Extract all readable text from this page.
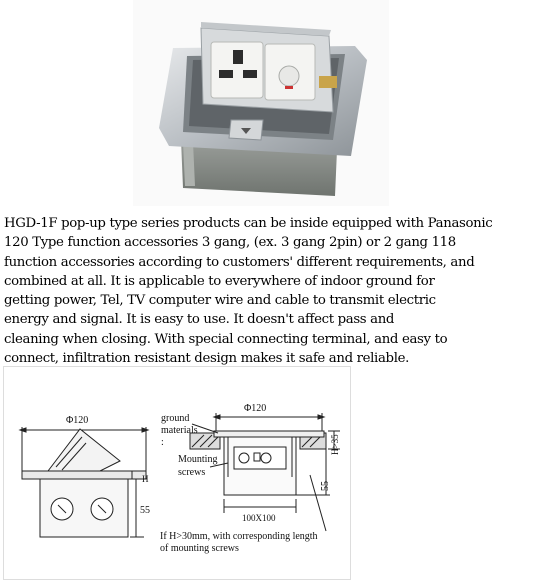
HGD-1F pop-up type series products can be inside equipped with Panasonic
120 Type function accessories 3 gang, (ex. 3 gang 2pin) or 2 gang 118
function accessories according to customers' different requirements, and
combined at all. It is applicable to everywhere of indoor ground for
getting power, Tel, TV computer wire and cable to transmit electric
energy and signal. It is easy to use. It doesn't affect pass and
cleaning when closing. With special connecting terminal, and easy to
connect, infiltration resistant design makes it safe and reliable.
Φ120
H
55
Φ120
ground
materials
:
Mounting
screws
H>35
55
100X100
If H>30mm, with corresponding length
of mounting screws
